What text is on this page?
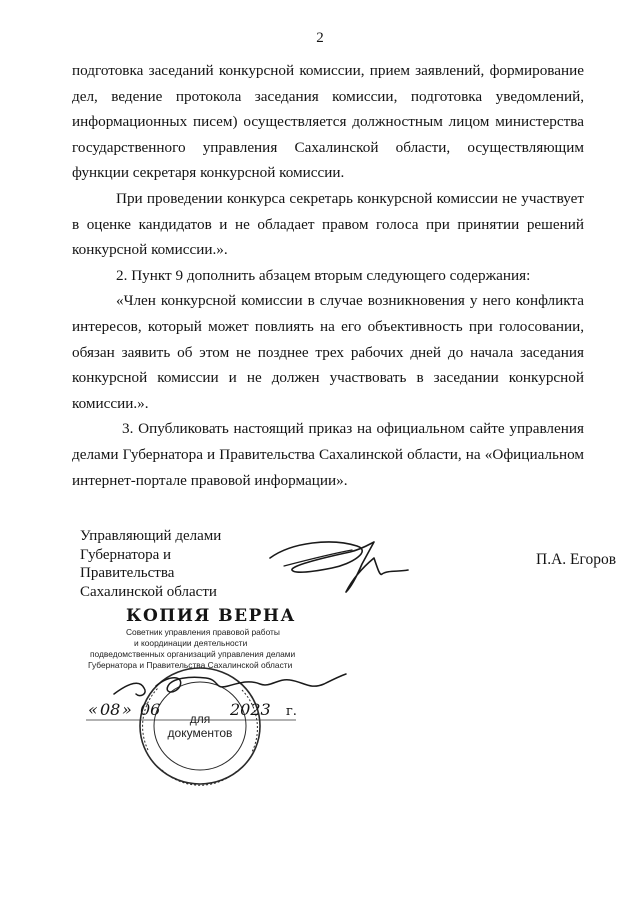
2

подготовка заседаний конкурсной комиссии, прием заявлений, формирование дел, ведение протокола заседания комиссии, подготовка уведомлений, информационных писем) осуществляется должностным лицом министерства государственного управления Сахалинской области, осуществляющим функции секретаря конкурсной комиссии.

При проведении конкурса секретарь конкурсной комиссии не участвует в оценке кандидатов и не обладает правом голоса при принятии решений конкурсной комиссии.».

2. Пункт 9 дополнить абзацем вторым следующего содержания:

«Член конкурсной комиссии в случае возникновения у него конфликта интересов, который может повлиять на его объективность при голосовании, обязан заявить об этом не позднее трех рабочих дней до начала заседания конкурсной комиссии и не должен участвовать в заседании конкурсной комиссии.».

3. Опубликовать настоящий приказ на официальном сайте управления делами Губернатора и Правительства Сахалинской области, на «Официальном интернет-портале правовой информации».

Управляющий делами
Губернатора и
Правительства
Сахалинской области
П.А. Егоров
КОПИЯ ВЕРНА
Советник управления правовой работы
и координации деятельности
подведомственных организаций управления делами
Губернатора и Правительства Сахалинской области
для документов
« 08 » 06	2023 г.
